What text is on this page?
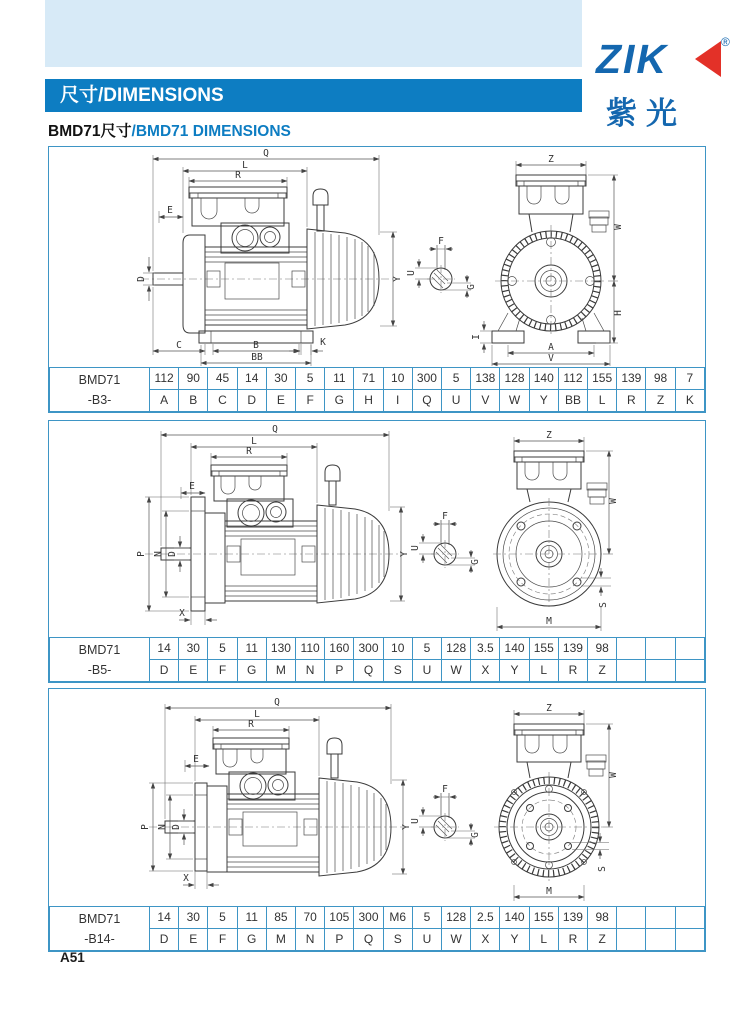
ZIK	®
紫光
尺寸/DIMENSIONS
BMD71尺寸/BMD71 DIMENSIONS
Q
L
R
E
D	Y
C	B	K
BB
F
U
G
Z
I
A
V
W
H
BMD71
-B3-	112	90	45	14	30	5	11	71	10	300	5	138	128	140	112	155	139	98	7
	A	B	C	D	E	F	G	H	I	Q	U	V	W	Y	BB	L	R	Z	K
Q
L
R
E
P N D
X
Y
F
U
G
Z
W
S
M
BMD71
-B5-	14	30	5	11	130	110	160	300	10	5	128	3.5	140	155	139	98			
	D	E	F	G	M	N	P	Q	S	U	W	X	Y	L	R	Z			
Q
L
R
E
P N D
X
Y
F
U
G
Z
W
S
M
BMD71
-B14-	14	30	5	11	85	70	105	300	M6	5	128	2.5	140	155	139	98			
	D	E	F	G	M	N	P	Q	S	U	W	X	Y	L	R	Z			
A51
